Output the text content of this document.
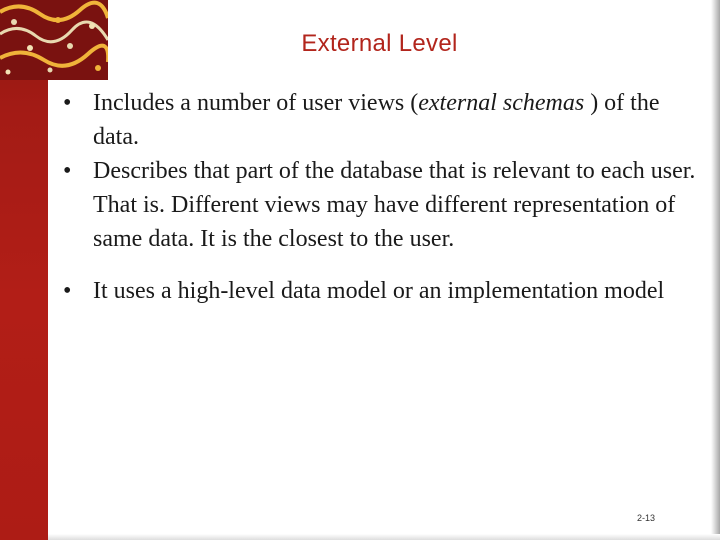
External Level
• Includes a number of user views (external schemas ) of the data.
• Describes that part of the database that is relevant to each user. That is. Different views may have different representation of same data. It is the closest to the user.
• It uses a high-level data model or an implementation model
2-13
